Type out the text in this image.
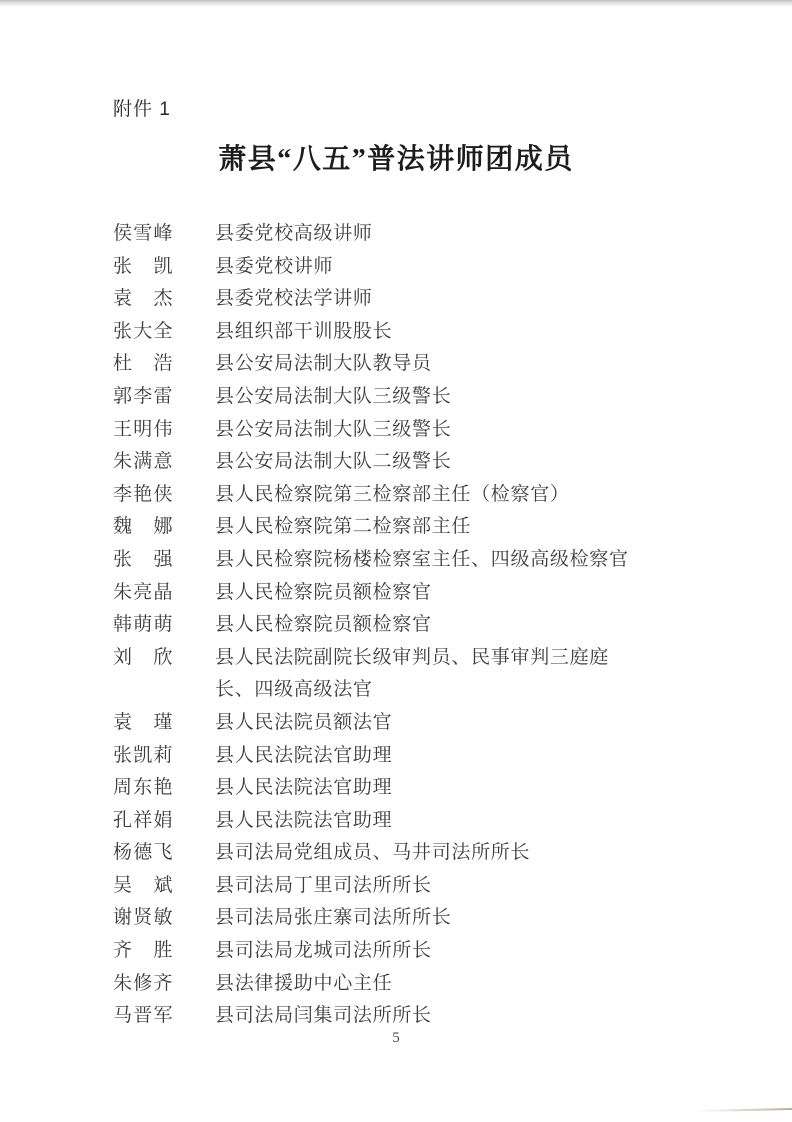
附件 1
萧县“八五”普法讲师团成员
侯雪峰 县委党校高级讲师
张凯 县委党校讲师
袁杰 县委党校法学讲师
张大全 县组织部干训股股长
杜浩 县公安局法制大队教导员
郭李雷 县公安局法制大队三级警长
王明伟 县公安局法制大队三级警长
朱满意 县公安局法制大队二级警长
李艳侠 县人民检察院第三检察部主任（检察官）
魏娜 县人民检察院第二检察部主任
张强 县人民检察院杨楼检察室主任、四级高级检察官
朱亮晶 县人民检察院员额检察官
韩萌萌 县人民检察院员额检察官
刘欣 县人民法院副院长级审判员、民事审判三庭庭
长、四级高级法官
袁瑾 县人民法院员额法官
张凯莉 县人民法院法官助理
周东艳 县人民法院法官助理
孔祥娟 县人民法院法官助理
杨德飞 县司法局党组成员、马井司法所所长
吴斌 县司法局丁里司法所所长
谢贤敏 县司法局张庄寨司法所所长
齐胜 县司法局龙城司法所所长
朱修齐 县法律援助中心主任
马晋军 县司法局闫集司法所所长
5
